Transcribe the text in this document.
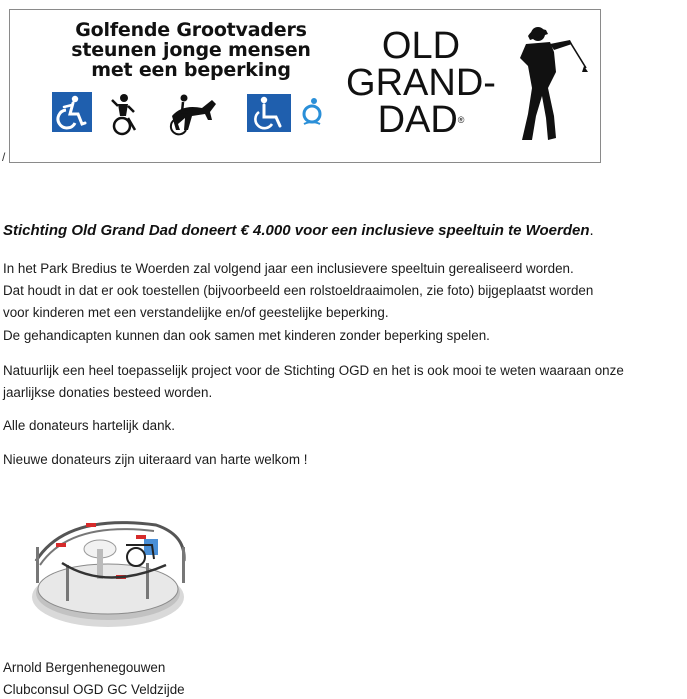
/
Golfende Grootvaders
steunen jonge mensen
met een beperking
OLD
GRAND-
DAD®
Stichting Old Grand Dad doneert € 4.000 voor een inclusieve speeltuin te Woerden.
In het Park Bredius te Woerden zal volgend jaar een inclusievere speeltuin gerealiseerd worden.
Dat houdt in dat er ook toestellen (bijvoorbeeld een rolstoeldraaimolen, zie foto) bijgeplaatst worden
voor kinderen met een verstandelijke en/of geestelijke beperking.
De gehandicapten kunnen dan ook samen met kinderen zonder beperking spelen.
Natuurlijk een heel toepasselijk project voor de Stichting OGD en het is ook mooi te weten waaraan onze
jaarlijkse donaties besteed worden.
Alle donateurs hartelijk dank.
Nieuwe donateurs zijn uiteraard van harte welkom !
Arnold Bergenhenegouwen
Clubconsul OGD GC Veldzijde
